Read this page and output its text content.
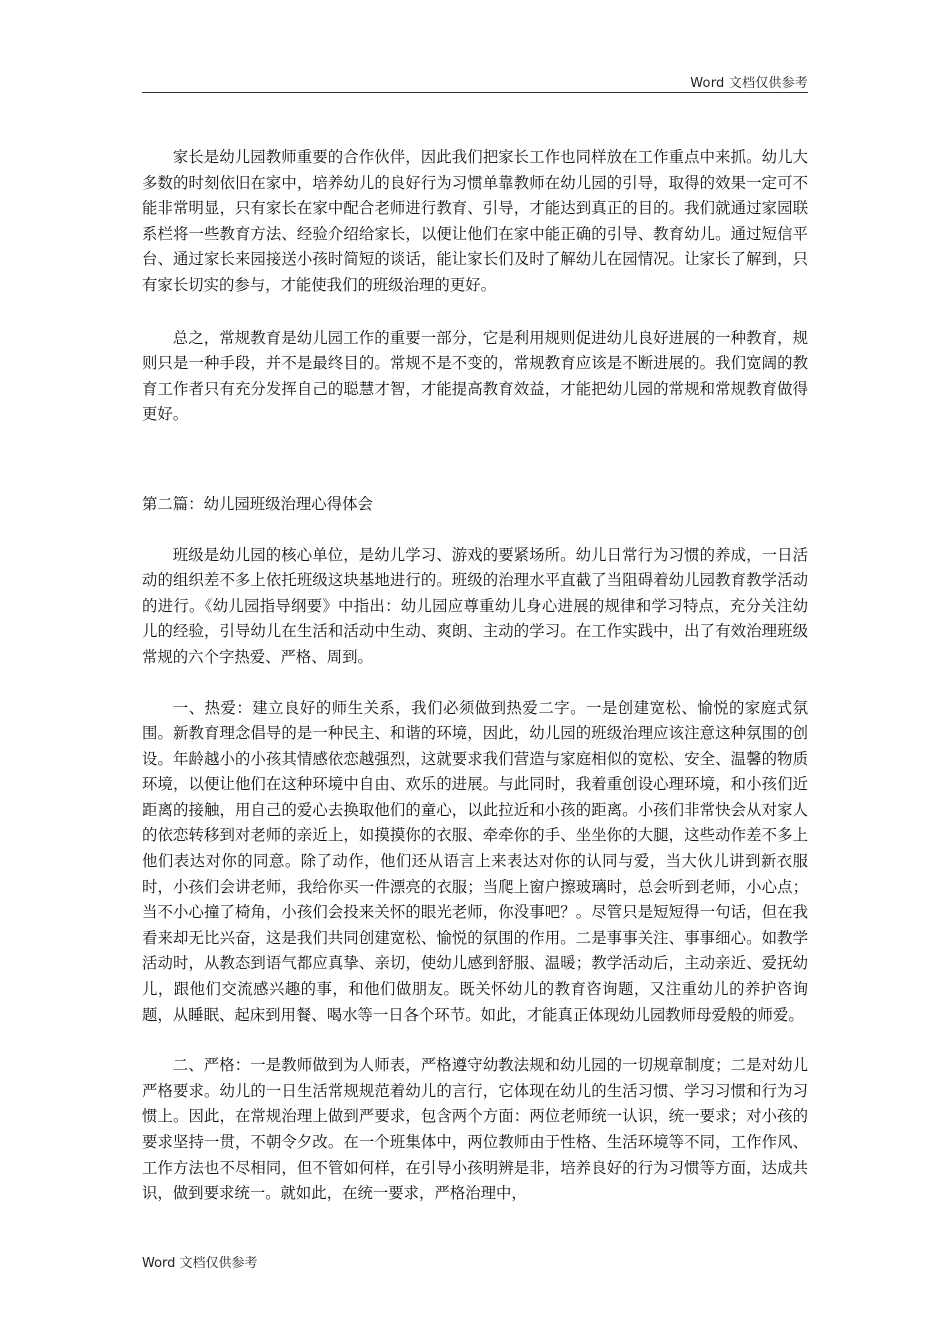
Word 文档仅供参考

家长是幼儿园教师重要的合作伙伴，因此我们把家长工作也同样放在工作重点中来抓。幼儿大多数的时刻依旧在家中，培养幼儿的良好行为习惯单靠教师在幼儿园的引导，取得的效果一定可不能非常明显，只有家长在家中配合老师进行教育、引导，才能达到真正的目的。我们就通过家园联系栏将一些教育方法、经验介绍给家长，以便让他们在家中能正确的引导、教育幼儿。通过短信平台、通过家长来园接送小孩时简短的谈话，能让家长们及时了解幼儿在园情况。让家长了解到，只有家长切实的参与，才能使我们的班级治理的更好。

总之，常规教育是幼儿园工作的重要一部分，它是利用规则促进幼儿良好进展的一种教育，规则只是一种手段，并不是最终目的。常规不是不变的，常规教育应该是不断进展的。我们宽阔的教育工作者只有充分发挥自己的聪慧才智，才能提高教育效益，才能把幼儿园的常规和常规教育做得更好。

第二篇：幼儿园班级治理心得体会

班级是幼儿园的核心单位，是幼儿学习、游戏的要紧场所。幼儿日常行为习惯的养成，一日活动的组织差不多上依托班级这块基地进行的。班级的治理水平直截了当阻碍着幼儿园教育教学活动的进行。《幼儿园指导纲要》中指出：幼儿园应尊重幼儿身心进展的规律和学习特点，充分关注幼儿的经验，引导幼儿在生活和活动中生动、爽朗、主动的学习。在工作实践中，出了有效治理班级常规的六个字热爱、严格、周到。

一、热爱：建立良好的师生关系，我们必须做到热爱二字。一是创建宽松、愉悦的家庭式氛围。新教育理念倡导的是一种民主、和谐的环境，因此，幼儿园的班级治理应该注意这种氛围的创设。年龄越小的小孩其情感依恋越强烈，这就要求我们营造与家庭相似的宽松、安全、温馨的物质环境，以便让他们在这种环境中自由、欢乐的进展。与此同时，我着重创设心理环境，和小孩们近距离的接触，用自己的爱心去换取他们的童心，以此拉近和小孩的距离。小孩们非常快会从对家人的依恋转移到对老师的亲近上，如摸摸你的衣服、牵牵你的手、坐坐你的大腿，这些动作差不多上他们表达对你的同意。除了动作，他们还从语言上来表达对你的认同与爱，当大伙儿讲到新衣服时，小孩们会讲老师，我给你买一件漂亮的衣服；当爬上窗户擦玻璃时，总会听到老师，小心点；当不小心撞了椅角，小孩们会投来关怀的眼光老师，你没事吧？。尽管只是短短得一句话，但在我看来却无比兴奋，这是我们共同创建宽松、愉悦的氛围的作用。二是事事关注、事事细心。如教学活动时，从教态到语气都应真挚、亲切，使幼儿感到舒服、温暖；教学活动后，主动亲近、爱抚幼儿，跟他们交流感兴趣的事，和他们做朋友。既关怀幼儿的教育咨询题，又注重幼儿的养护咨询题，从睡眠、起床到用餐、喝水等一日各个环节。如此，才能真正体现幼儿园教师母爱般的师爱。

二、严格：一是教师做到为人师表，严格遵守幼教法规和幼儿园的一切规章制度；二是对幼儿严格要求。幼儿的一日生活常规规范着幼儿的言行，它体现在幼儿的生活习惯、学习习惯和行为习惯上。因此，在常规治理上做到严要求，包含两个方面：两位老师统一认识，统一要求；对小孩的要求坚持一贯，不朝令夕改。在一个班集体中，两位教师由于性格、生活环境等不同，工作作风、工作方法也不尽相同，但不管如何样，在引导小孩明辨是非，培养良好的行为习惯等方面，达成共识，做到要求统一。就如此，在统一要求，严格治理中，

Word 文档仅供参考
